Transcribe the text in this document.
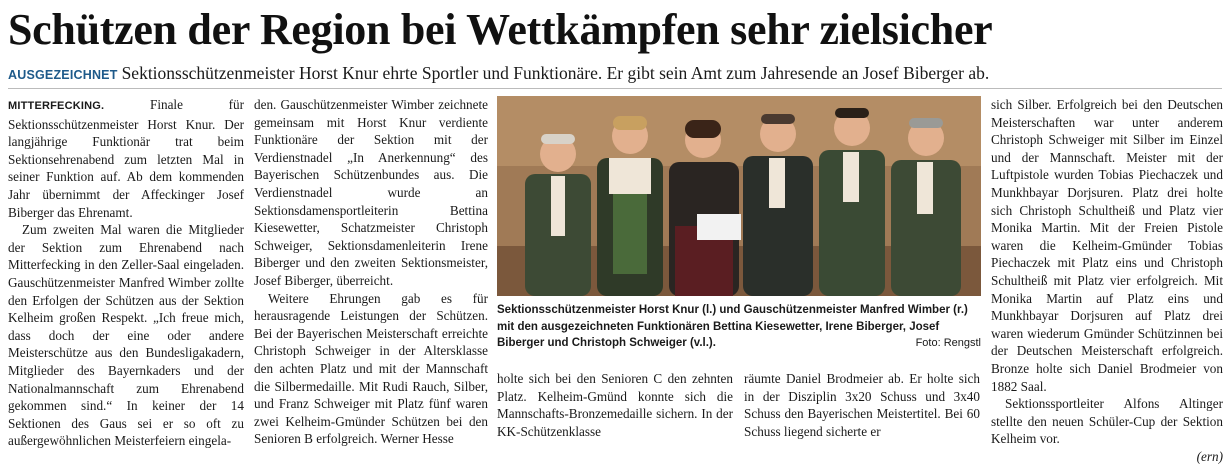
Schützen der Region bei Wettkämpfen sehr zielsicher
AUSGEZEICHNET Sektionsschützenmeister Horst Knur ehrte Sportler und Funktionäre. Er gibt sein Amt zum Jahresende an Josef Biberger ab.

MITTERFECKING.	Finale für Sektionsschützenmeister Horst Knur. Der langjährige Funktionär trat beim Sektionsehrenabend zum letzten Mal in seiner Funktion auf. Ab dem kommenden Jahr übernimmt der Affeckinger Josef Biberger das Ehrenamt.

Zum zweiten Mal waren die Mitglieder der Sektion zum Ehrenabend nach Mitterfecking in den Zeller-Saal eingeladen. Gauschützenmeister Manfred Wimber zollte den Erfolgen der Schützen aus der Sektion Kelheim großen Respekt. „Ich freue mich, dass doch der eine oder andere Meisterschütze aus den Bundesligakadern, Mitglieder des Bayernkaders und der Nationalmannschaft zum Ehrenabend gekommen sind.“ In keiner der 14 Sektionen des Gaus sei er so oft zu außergewöhnlichen Meisterfeiern eingela-

den. Gauschützenmeister Wimber zeichnete gemeinsam mit Horst Knur verdiente Funktionäre der Sektion mit der Verdienstnadel „In Anerkennung“ des Bayerischen Schützenbundes aus. Die Verdienstnadel wurde an Sektionsdamensportleiterin Bettina Kiesewetter, Schatzmeister Christoph Schweiger, Sektionsdamenleiterin Irene Biberger und den zweiten Sektionsmeister, Josef Biberger, überreicht.

Weitere Ehrungen gab es für herausragende Leistungen der Schützen. Bei der Bayerischen Meisterschaft erreichte Christoph Schweiger in der Altersklasse den achten Platz und mit der Mannschaft die Silbermedaille. Mit Rudi Rauch, Silber, und Franz Schweiger mit Platz fünf waren zwei Kelheim-Gmünder Schützen bei den Senioren B erfolgreich. Werner Hesse

Sektionsschützenmeister Horst Knur (l.) und Gauschützenmeister Manfred Wimber (r.) mit den ausgezeichneten Funktionären Bettina Kiesewetter, Irene Biberger, Josef Biberger und Christoph Schweiger (v.l.).	Foto: Rengstl

holte sich bei den Senioren C den zehnten Platz. Kelheim-Gmünd konnte sich die Mannschafts-Bronzemedaille sichern. In der KK-Schützenklasse

räumte Daniel Brodmeier ab. Er holte sich in der Disziplin 3x20 Schuss und 3x40 Schuss den Bayerischen Meistertitel. Bei 60 Schuss liegend sicherte er

sich Silber. Erfolgreich bei den Deutschen Meisterschaften war unter anderem Christoph Schweiger mit Silber im Einzel und der Mannschaft. Meister mit der Luftpistole wurden Tobias Piechaczek und Munkhbayar Dorjsuren. Platz drei holte sich Christoph Schultheiß und Platz vier Monika Martin. Mit der Freien Pistole waren die Kelheim-Gmünder Tobias Piechaczek mit Platz eins und Christoph Schultheiß mit Platz vier erfolgreich. Mit Monika Martin auf Platz eins und Munkhbayar Dorjsuren auf Platz drei waren wiederum Gmünder Schützinnen bei der Deutschen Meisterschaft erfolgreich. Bronze holte sich Daniel Brodmeier von 1882 Saal.

Sektionssportleiter Alfons Altinger stellte den neuen Schüler-Cup der Sektion Kelheim vor.

(ern)
